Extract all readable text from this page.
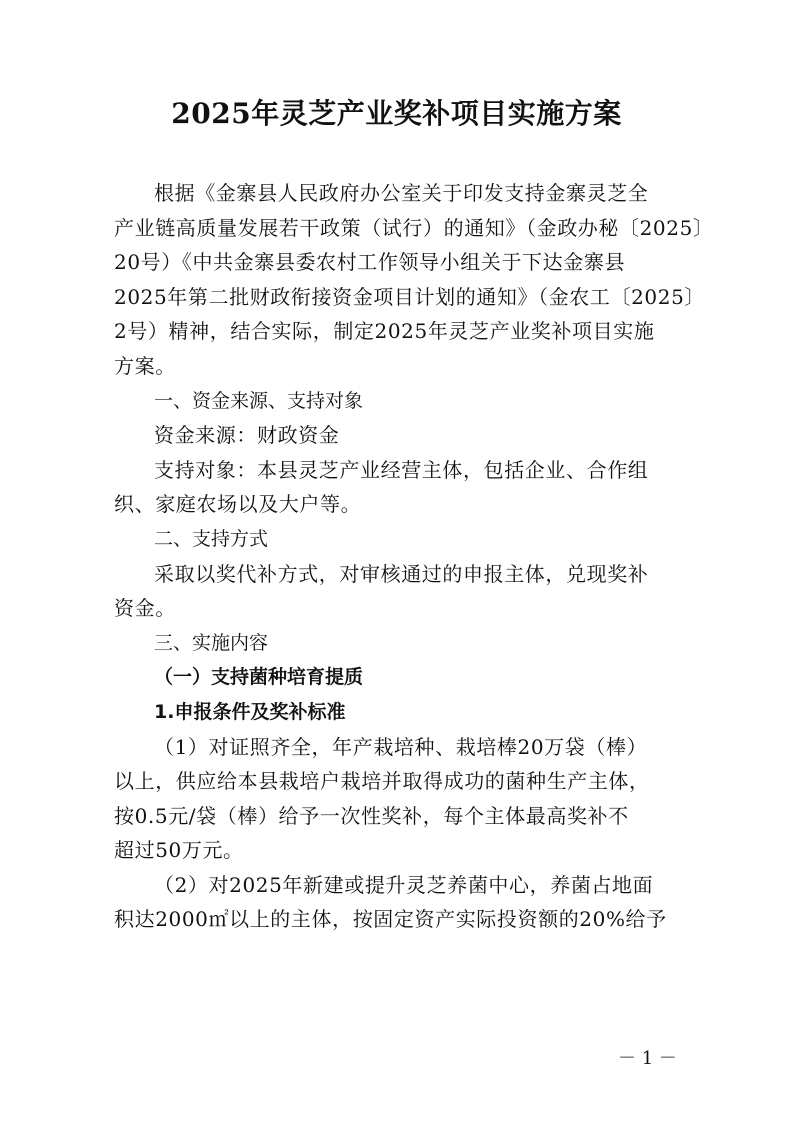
2025年灵芝产业奖补项目实施方案
根据《金寨县人民政府办公室关于印发支持金寨灵芝全
产业链高质量发展若干政策（试行）的通知》（金政办秘〔2025〕
20号）《中共金寨县委农村工作领导小组关于下达金寨县
2025年第二批财政衔接资金项目计划的通知》（金农工〔2025〕
2号）精神，结合实际，制定2025年灵芝产业奖补项目实施
方案。
一、资金来源、支持对象
资金来源：财政资金
支持对象：本县灵芝产业经营主体，包括企业、合作组
织、家庭农场以及大户等。
二、支持方式
采取以奖代补方式，对审核通过的申报主体，兑现奖补
资金。
三、实施内容
（一）支持菌种培育提质
1.申报条件及奖补标准
（1）对证照齐全，年产栽培种、栽培棒20万袋（棒）
以上，供应给本县栽培户栽培并取得成功的菌种生产主体，
按0.5元/袋（棒）给予一次性奖补，每个主体最高奖补不
超过50万元。
（2）对2025年新建或提升灵芝养菌中心，养菌占地面
积达2000㎡以上的主体，按固定资产实际投资额的20%给予
－ 1 －
